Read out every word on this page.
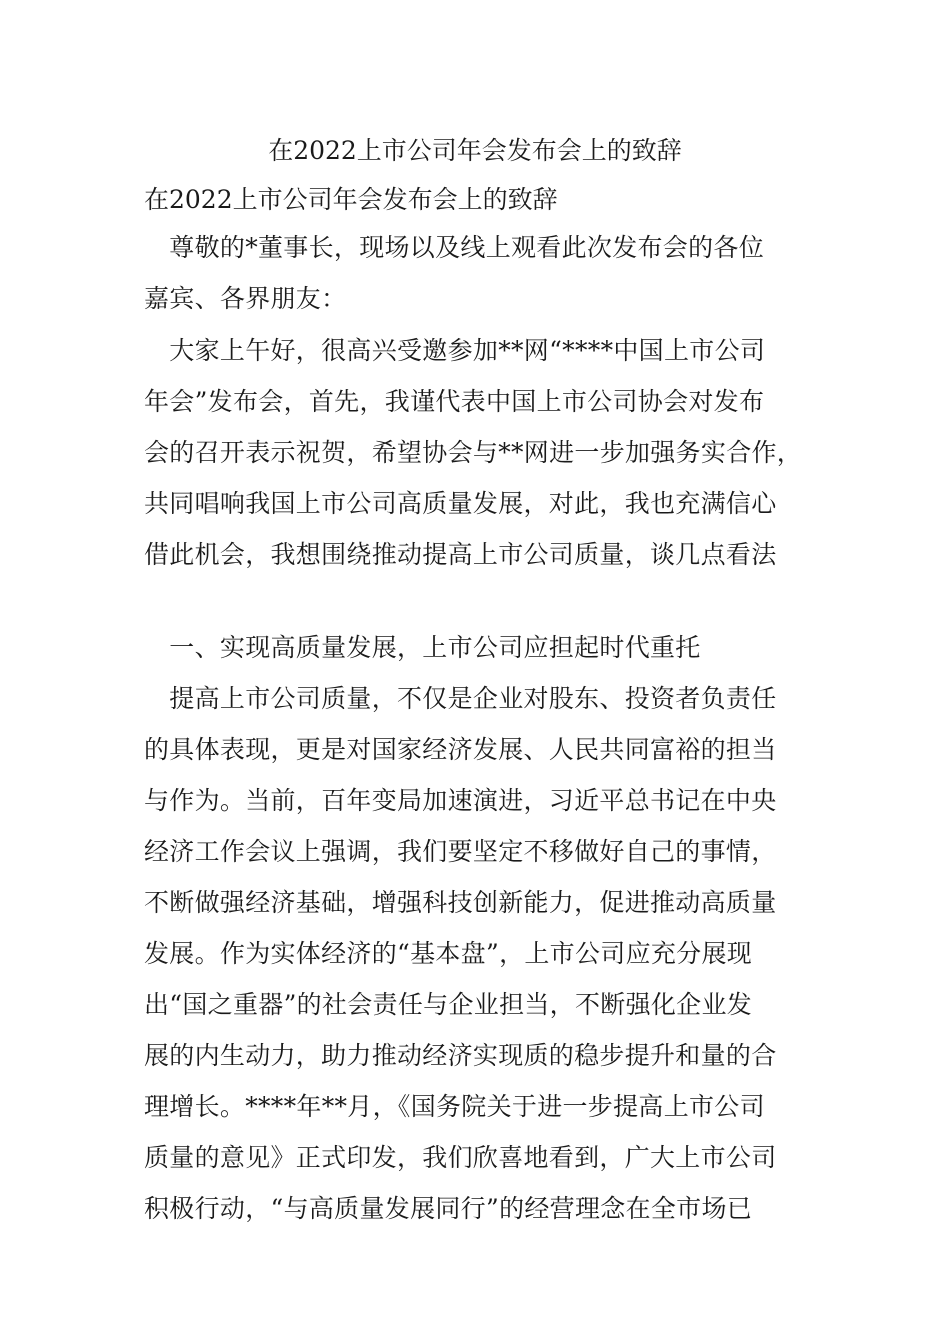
在2022上市公司年会发布会上的致辞
在2022上市公司年会发布会上的致辞
　尊敬的*董事长，现场以及线上观看此次发布会的各位
嘉宾、各界朋友：
　大家上午好，很高兴受邀参加**网“****中国上市公司
年会”发布会，首先，我谨代表中国上市公司协会对发布
会的召开表示祝贺，希望协会与**网进一步加强务实合作，
共同唱响我国上市公司高质量发展，对此，我也充满信心
借此机会，我想围绕推动提高上市公司质量，谈几点看法
　一、实现高质量发展，上市公司应担起时代重托
　提高上市公司质量，不仅是企业对股东、投资者负责任
的具体表现，更是对国家经济发展、人民共同富裕的担当
与作为。当前，百年变局加速演进，习近平总书记在中央
经济工作会议上强调，我们要坚定不移做好自己的事情，
不断做强经济基础，增强科技创新能力，促进推动高质量
发展。作为实体经济的“基本盘”，上市公司应充分展现
出“国之重器”的社会责任与企业担当，不断强化企业发
展的内生动力，助力推动经济实现质的稳步提升和量的合
理增长。****年**月，《国务院关于进一步提高上市公司
质量的意见》正式印发，我们欣喜地看到，广大上市公司
积极行动，“与高质量发展同行”的经营理念在全市场已
